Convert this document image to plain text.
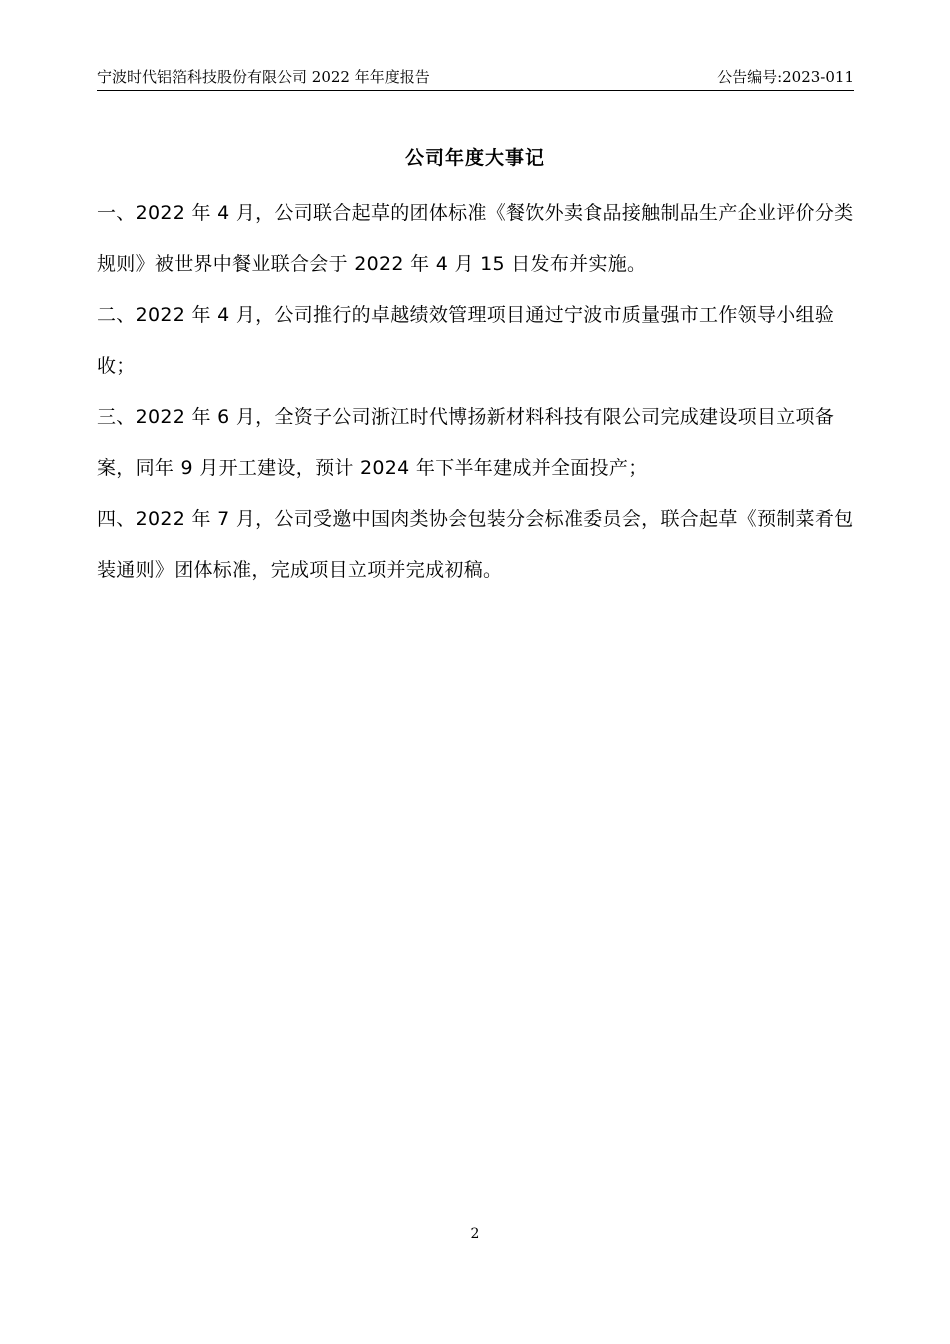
宁波时代铝箔科技股份有限公司 2022 年年度报告	公告编号:2023-011
公司年度大事记

一、2022 年 4 月，公司联合起草的团体标准《餐饮外卖食品接触制品生产企业评价分类规则》被世界中餐业联合会于 2022 年 4 月 15 日发布并实施。

二、2022 年 4 月，公司推行的卓越绩效管理项目通过宁波市质量强市工作领导小组验收；

三、2022 年 6 月，全资子公司浙江时代博扬新材料科技有限公司完成建设项目立项备案，同年 9 月开工建设，预计 2024 年下半年建成并全面投产；

四、2022 年 7 月，公司受邀中国肉类协会包装分会标准委员会，联合起草《预制菜肴包装通则》团体标准，完成项目立项并完成初稿。

2
